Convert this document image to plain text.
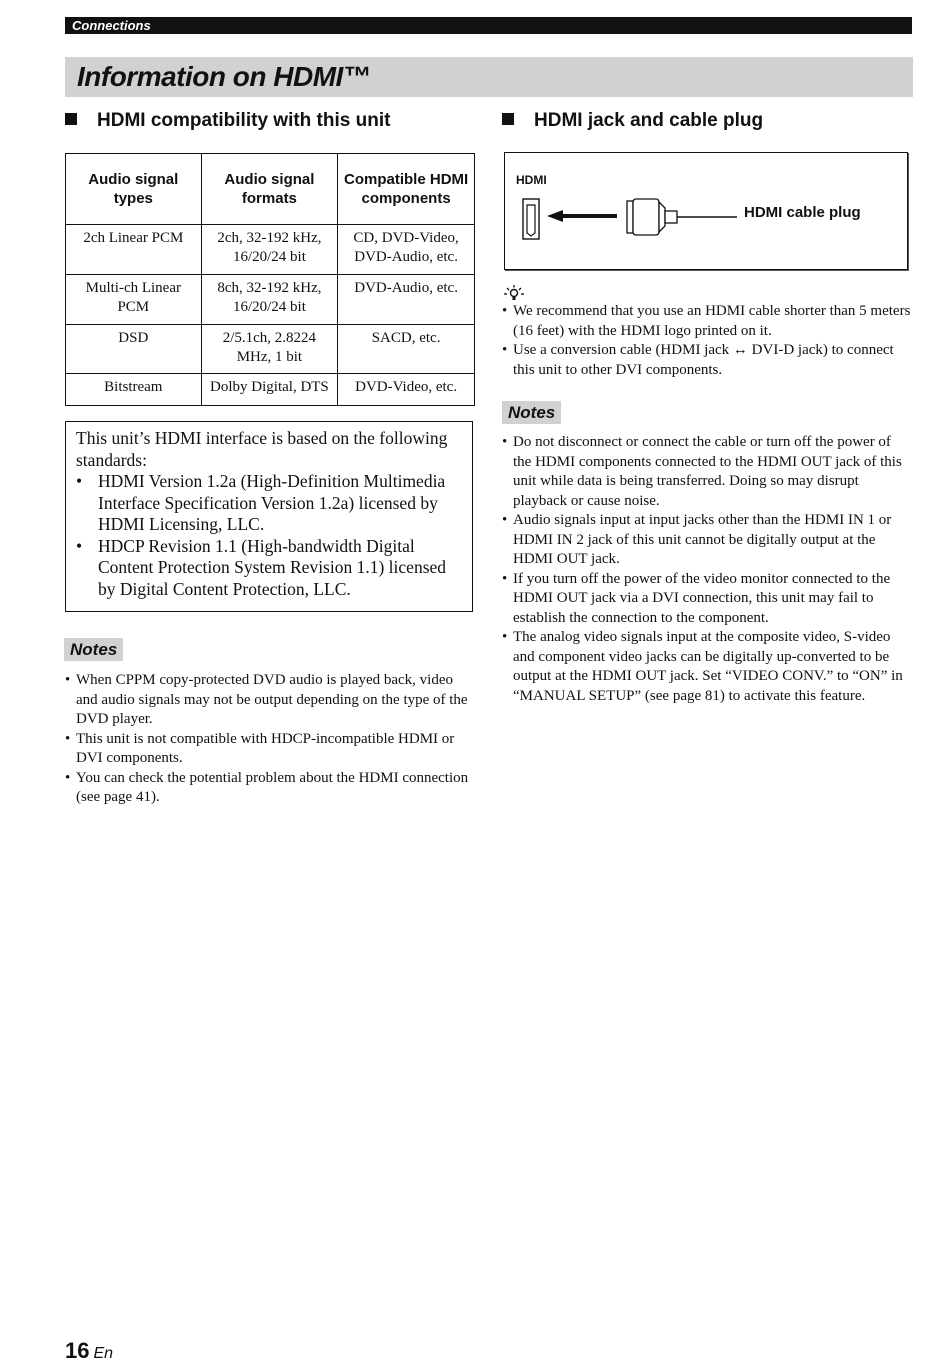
Connections
Information on HDMI™
HDMI compatibility with this unit
Audio signal types	Audio signal formats	Compatible HDMI components
2ch Linear PCM	2ch, 32-192 kHz, 16/20/24 bit	CD, DVD-Video, DVD-Audio, etc.
Multi-ch Linear PCM	8ch, 32-192 kHz, 16/20/24 bit	DVD-Audio, etc.
DSD	2/5.1ch, 2.8224 MHz, 1 bit	SACD, etc.
Bitstream	Dolby Digital, DTS	DVD-Video, etc.
This unit’s HDMI interface is based on the following standards:
• HDMI Version 1.2a (High-Definition Multimedia Interface Specification Version 1.2a) licensed by HDMI Licensing, LLC.
• HDCP Revision 1.1 (High-bandwidth Digital Content Protection System Revision 1.1) licensed by Digital Content Protection, LLC.
Notes
• When CPPM copy-protected DVD audio is played back, video and audio signals may not be output depending on the type of the DVD player.
• This unit is not compatible with HDCP-incompatible HDMI or DVI components.
• You can check the potential problem about the HDMI connection (see page 41).
HDMI jack and cable plug
HDMI
HDMI cable plug
• We recommend that you use an HDMI cable shorter than 5 meters (16 feet) with the HDMI logo printed on it.
• Use a conversion cable (HDMI jack ↔ DVI-D jack) to connect this unit to other DVI components.
Notes
• Do not disconnect or connect the cable or turn off the power of the HDMI components connected to the HDMI OUT jack of this unit while data is being transferred. Doing so may disrupt playback or cause noise.
• Audio signals input at input jacks other than the HDMI IN 1 or HDMI IN 2 jack of this unit cannot be digitally output at the HDMI OUT jack.
• If you turn off the power of the video monitor connected to the HDMI OUT jack via a DVI connection, this unit may fail to establish the connection to the component.
• The analog video signals input at the composite video, S-video and component video jacks can be digitally up-converted to be output at the HDMI OUT jack. Set “VIDEO CONV.” to “ON” in “MANUAL SETUP” (see page 81) to activate this feature.
16 En
